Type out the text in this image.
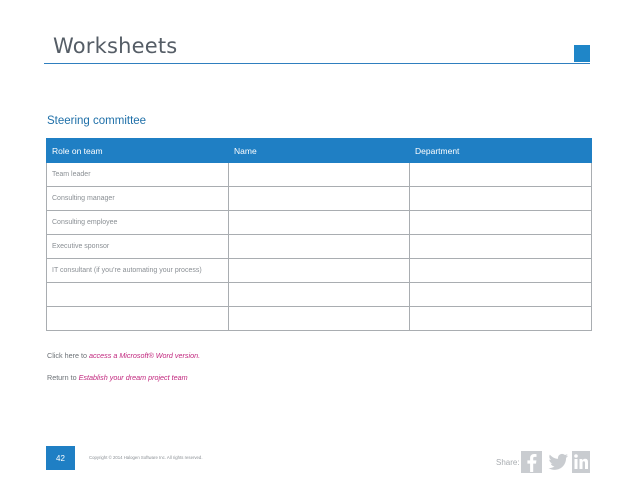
Worksheets
Steering committee
Role on team	Name	Department
Team leader		
Consulting manager		
Consulting employee		
Executive sponsor		
IT consultant (if you’re automating your process)		

Click here to access a Microsoft® Word version.
Return to Establish your dream project team
42	Copyright © 2014 Halogen Software Inc. All rights reserved.
Share:
